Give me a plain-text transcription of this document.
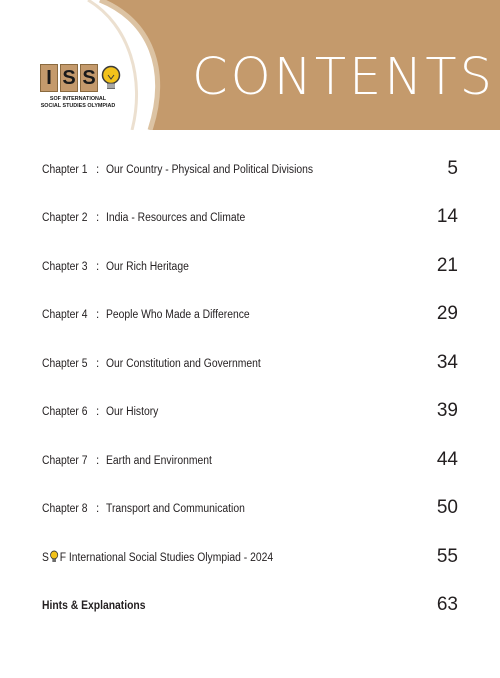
I S S
SOF INTERNATIONAL
SOCIAL STUDIES OLYMPIAD CONTENTS
Chapter 1 : Our Country - Physical and Political Divisions	5
Chapter 2 : India - Resources and Climate	14
Chapter 3 : Our Rich Heritage	21
Chapter 4 : People Who Made a Difference	29
Chapter 5 : Our Constitution and Government	34
Chapter 6 : Our History	39
Chapter 7 : Earth and Environment	44
Chapter 8 : Transport and Communication	50
S F International Social Studies Olympiad - 2024	55
Hints & Explanations	63
